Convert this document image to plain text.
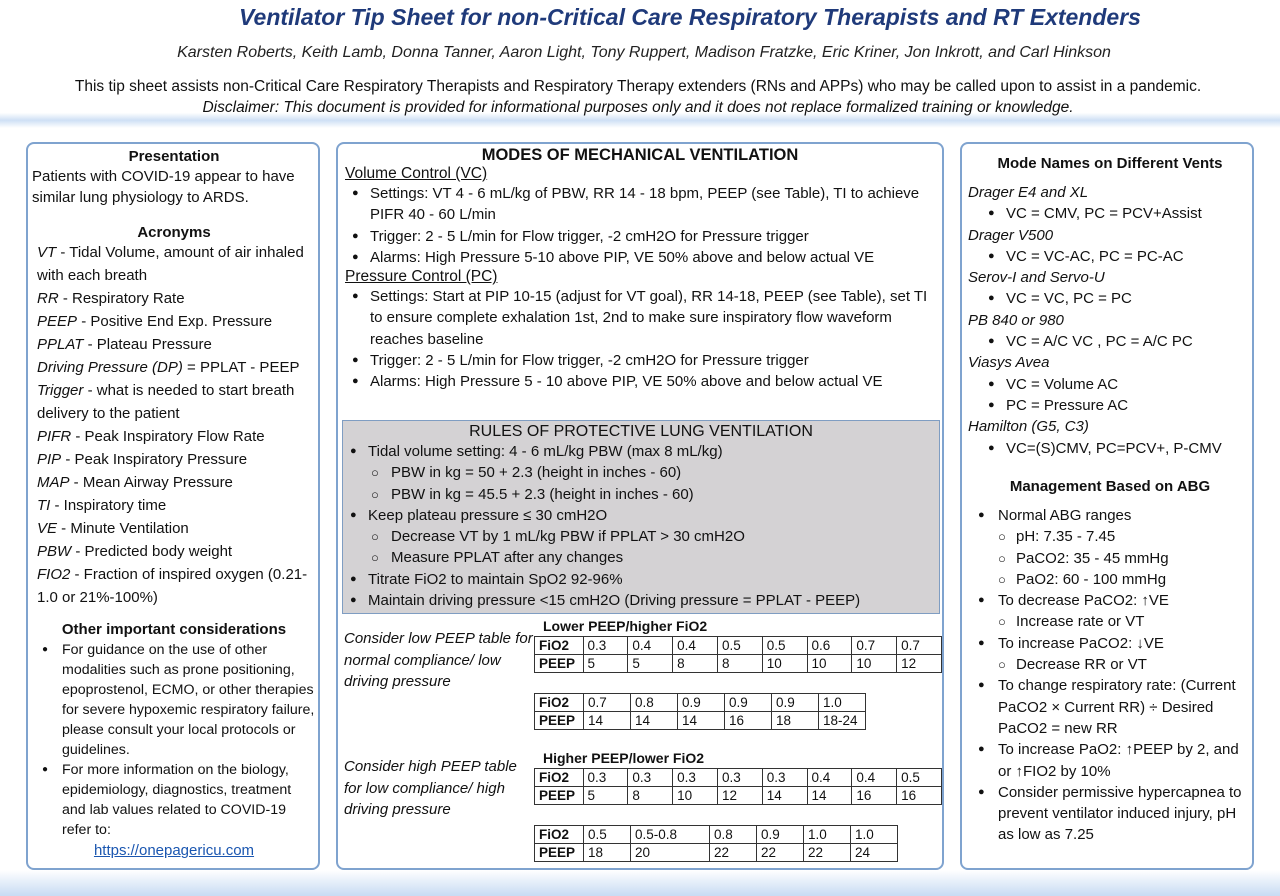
Ventilator Tip Sheet for non-Critical Care Respiratory Therapists and RT Extenders
Karsten Roberts, Keith Lamb, Donna Tanner, Aaron Light, Tony Ruppert, Madison Fratzke, Eric Kriner, Jon Inkrott, and Carl Hinkson
This tip sheet assists non-Critical Care Respiratory Therapists and Respiratory Therapy extenders (RNs and APPs) who may be called upon to assist in a pandemic.
Disclaimer: This document is provided for informational purposes only and it does not replace formalized training or knowledge.
Presentation
Patients with COVID-19 appear to have similar lung physiology to ARDS.
Acronyms

VT - Tidal Volume, amount of air inhaled with each breath

RR - Respiratory Rate

PEEP - Positive End Exp. Pressure

PPLAT - Plateau Pressure

Driving Pressure (DP) = PPLAT - PEEP

Trigger - what is needed to start breath delivery to the patient

PIFR - Peak Inspiratory Flow Rate

PIP - Peak Inspiratory Pressure

MAP - Mean Airway Pressure

TI - Inspiratory time

VE - Minute Ventilation

PBW - Predicted body weight

FIO2 - Fraction of inspired oxygen (0.21-1.0 or 21%-100%)

Other important considerations
● For guidance on the use of other modalities such as prone positioning, epoprostenol, ECMO, or other therapies for severe hypoxemic respiratory failure, please consult your local protocols or guidelines.
● For more information on the biology, epidemiology, diagnostics, treatment and lab values related to COVID-19 refer to:
https://onepagericu.com
MODES OF MECHANICAL VENTILATION
Volume Control (VC)
● Settings: VT 4 - 6 mL/kg of PBW, RR 14 - 18 bpm, PEEP (see Table), TI to achieve PIFR 40 - 60 L/min
● Trigger: 2 - 5 L/min for Flow trigger, -2 cmH2O for Pressure trigger
● Alarms: High Pressure 5-10 above PIP, VE 50% above and below actual VE
Pressure Control (PC)
● Settings: Start at PIP 10-15 (adjust for VT goal), RR 14-18, PEEP (see Table), set TI to ensure complete exhalation 1st, 2nd to make sure inspiratory flow waveform reaches baseline
● Trigger: 2 - 5 L/min for Flow trigger, -2 cmH2O for Pressure trigger
● Alarms: High Pressure 5 - 10 above PIP, VE 50% above and below actual VE
RULES OF PROTECTIVE LUNG VENTILATION
● Tidal volume setting: 4 - 6 mL/kg PBW (max 8 mL/kg)
○ PBW in kg = 50 + 2.3 (height in inches - 60)
○ PBW in kg = 45.5 + 2.3 (height in inches - 60)
● Keep plateau pressure ≤ 30 cmH2O
○ Decrease VT by 1 mL/kg PBW if PPLAT > 30 cmH2O
○ Measure PPLAT after any changes
● Titrate FiO2 to maintain SpO2 92-96%
● Maintain driving pressure <15 cmH2O (Driving pressure = PPLAT - PEEP)
Consider low PEEP table for normal compliance/ low driving pressure
Consider high PEEP table for low compliance/ high driving pressure
Lower PEEP/higher FiO2
FiO2	0.3	0.4	0.4	0.5	0.5	0.6	0.7	0.7
PEEP	5	5	8	8	10	10	10	12
FiO2	0.7	0.8	0.9	0.9	0.9	1.0
PEEP	14	14	14	16	18	18-24
Higher PEEP/lower FiO2
FiO2	0.3	0.3	0.3	0.3	0.3	0.4	0.4	0.5
PEEP	5	8	10	12	14	14	16	16
FiO2	0.5	0.5-0.8	0.8	0.9	1.0	1.0
PEEP	18	20	22	22	22	24
Mode Names on Different Vents
Drager E4 and XL
● VC = CMV, PC = PCV+Assist
Drager V500
● VC = VC-AC, PC = PC-AC
Serov-I and Servo-U
● VC = VC, PC = PC
PB 840 or 980
● VC = A/C VC , PC = A/C PC
Viasys Avea
● VC = Volume AC
● PC = Pressure AC
Hamilton (G5, C3)
● VC=(S)CMV, PC=PCV+, P-CMV
Management Based on ABG
● Normal ABG ranges
○ pH: 7.35 - 7.45
○ PaCO2: 35 - 45 mmHg
○ PaO2: 60 - 100 mmHg
● To decrease PaCO2: ↑VE
○ Increase rate or VT
● To increase PaCO2: ↓VE
○ Decrease RR or VT
● To change respiratory rate: (Current PaCO2 × Current RR) ÷ Desired PaCO2 = new RR
● To increase PaO2: ↑PEEP by 2, and or ↑FIO2 by 10%
● Consider permissive hypercapnea to prevent ventilator induced injury, pH as low as 7.25
